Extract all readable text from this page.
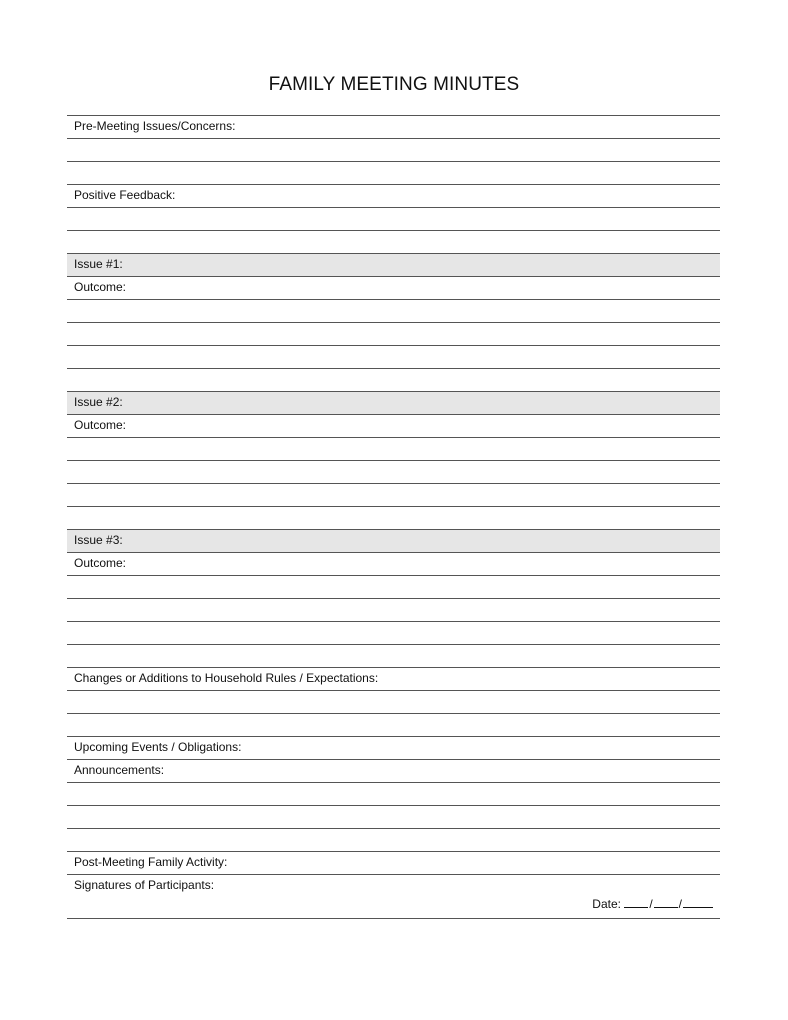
FAMILY MEETING MINUTES
Pre-Meeting Issues/Concerns:
Positive Feedback:
Issue #1:
Outcome:
Issue #2:
Outcome:
Issue #3:
Outcome:
Changes or Additions to Household Rules / Expectations:
Upcoming Events / Obligations:
Announcements:
Post-Meeting Family Activity:
Signatures of Participants:
Date: / /
